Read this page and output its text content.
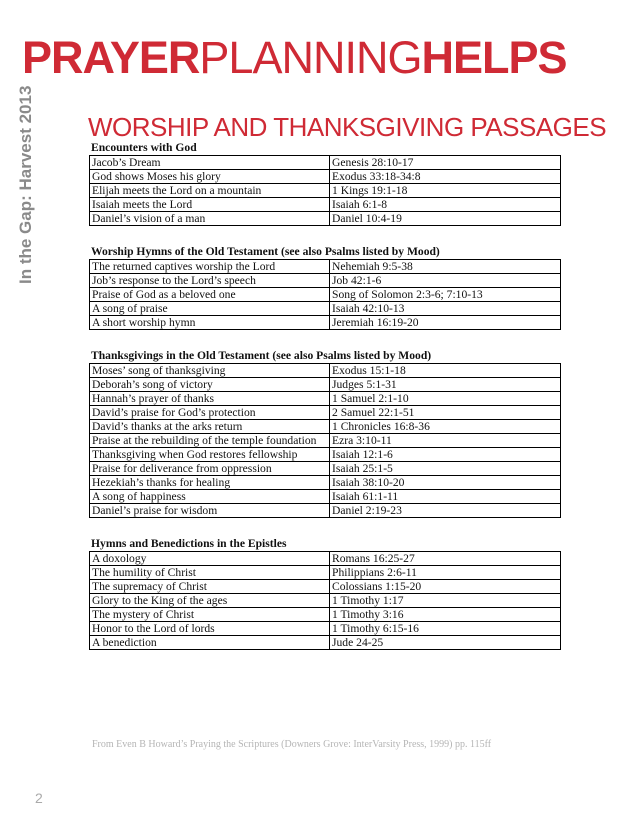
PRAYERPLANNINGHELPS
In the Gap: Harvest 2013 WORSHIP AND THANKSGIVING PASSAGES
Encounters with God
Jacob’s Dream	Genesis 28:10-17
God shows Moses his glory	Exodus 33:18-34:8
Elijah meets the Lord on a mountain	1 Kings 19:1-18
Isaiah meets the Lord	Isaiah 6:1-8
Daniel’s vision of a man	Daniel 10:4-19
Worship Hymns of the Old Testament (see also Psalms listed by Mood)
The returned captives worship the Lord	Nehemiah 9:5-38
Job’s response to the Lord’s speech	Job 42:1-6
Praise of God as a beloved one	Song of Solomon 2:3-6; 7:10-13
A song of praise	Isaiah 42:10-13
A short worship hymn	Jeremiah 16:19-20
Thanksgivings in the Old Testament (see also Psalms listed by Mood)
Moses’ song of thanksgiving	Exodus 15:1-18
Deborah’s song of victory	Judges 5:1-31
Hannah’s prayer of thanks	1 Samuel 2:1-10
David’s praise for God’s protection	2 Samuel 22:1-51
David’s thanks at the arks return	1 Chronicles 16:8-36
Praise at the rebuilding of the temple foundation	Ezra 3:10-11
Thanksgiving when God restores fellowship	Isaiah 12:1-6
Praise for deliverance from oppression	Isaiah 25:1-5
Hezekiah’s thanks for healing	Isaiah 38:10-20
A song of happiness	Isaiah 61:1-11
Daniel’s praise for wisdom	Daniel 2:19-23
Hymns and Benedictions in the Epistles
A doxology	Romans 16:25-27
The humility of Christ	Philippians 2:6-11
The supremacy of Christ	Colossians 1:15-20
Glory to the King of the ages	1 Timothy 1:17
The mystery of Christ	1 Timothy 3:16
Honor to the Lord of lords	1 Timothy 6:15-16
A benediction	Jude 24-25
From Even B Howard’s Praying the Scriptures (Downers Grove: InterVarsity Press, 1999) pp. 115ff
2
